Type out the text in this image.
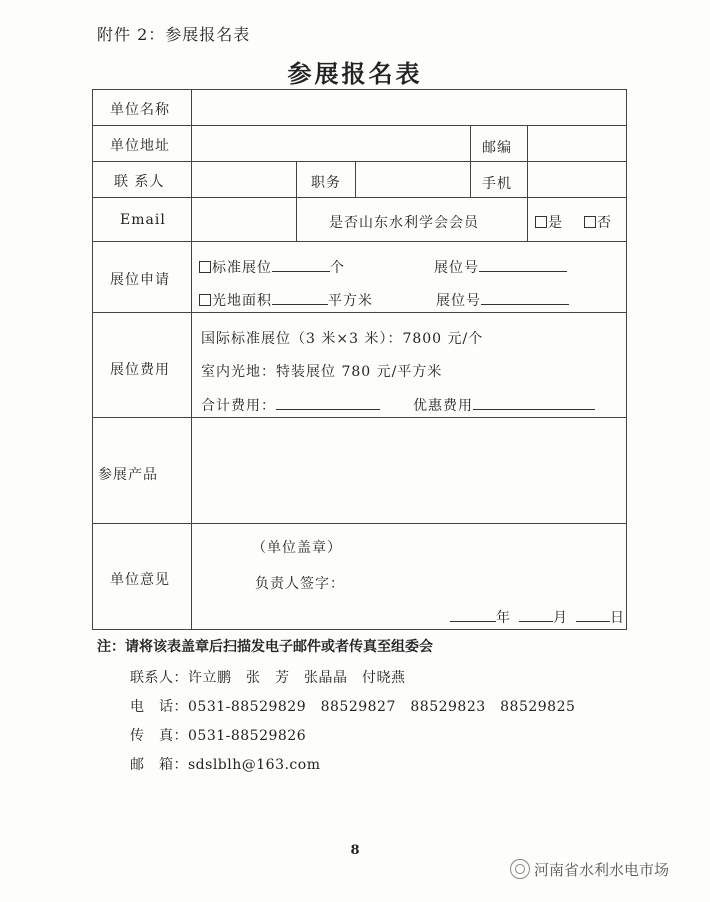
附件 2：参展报名表
参展报名表
单位名称
单位地址	邮编
联 系人	职务	手机
Email	是否山东水利学会会员	是	否
展位申请
标准展位	个	展位号
光地面积	平方米	展位号
展位费用
国际标准展位（3 米×3 米）：7800 元/个
室内光地：特装展位 780 元/平方米
合计费用：	优惠费用
参展产品
单位意见
（单位盖章）
负责人签字：
年	月	日
注：请将该表盖章后扫描发电子邮件或者传真至组委会
联系人：许立鹏　张　芳　张晶晶　付晓燕
电　话：0531-88529829　88529827　88529823　88529825
传　真：0531-88529826
邮　箱：sdslblh@163.com
8
河南省水利水电市场
